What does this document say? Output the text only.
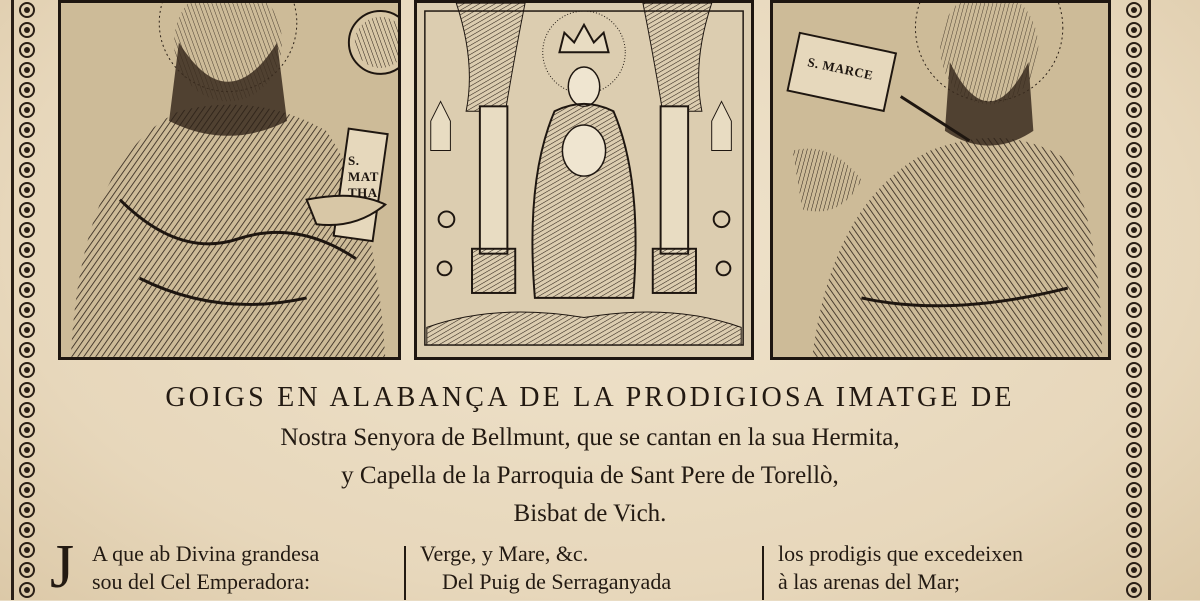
S.
MAT
THA
S. MARCE
GOIGS EN ALABANÇA DE LA PRODIGIOSA IMATGE DE
Nostra Senyora de Bellmunt, que se cantan en la sua Hermita,
y Capella de la Parroquia de Sant Pere de Torellò,
Bisbat de Vich.
J A que ab Divina grandesa
sou del Cel Emperadora:
Verge, y Mare, &c.
Del Puig de Serraganyada
los prodigis que excedeixen
à las arenas del Mar;
